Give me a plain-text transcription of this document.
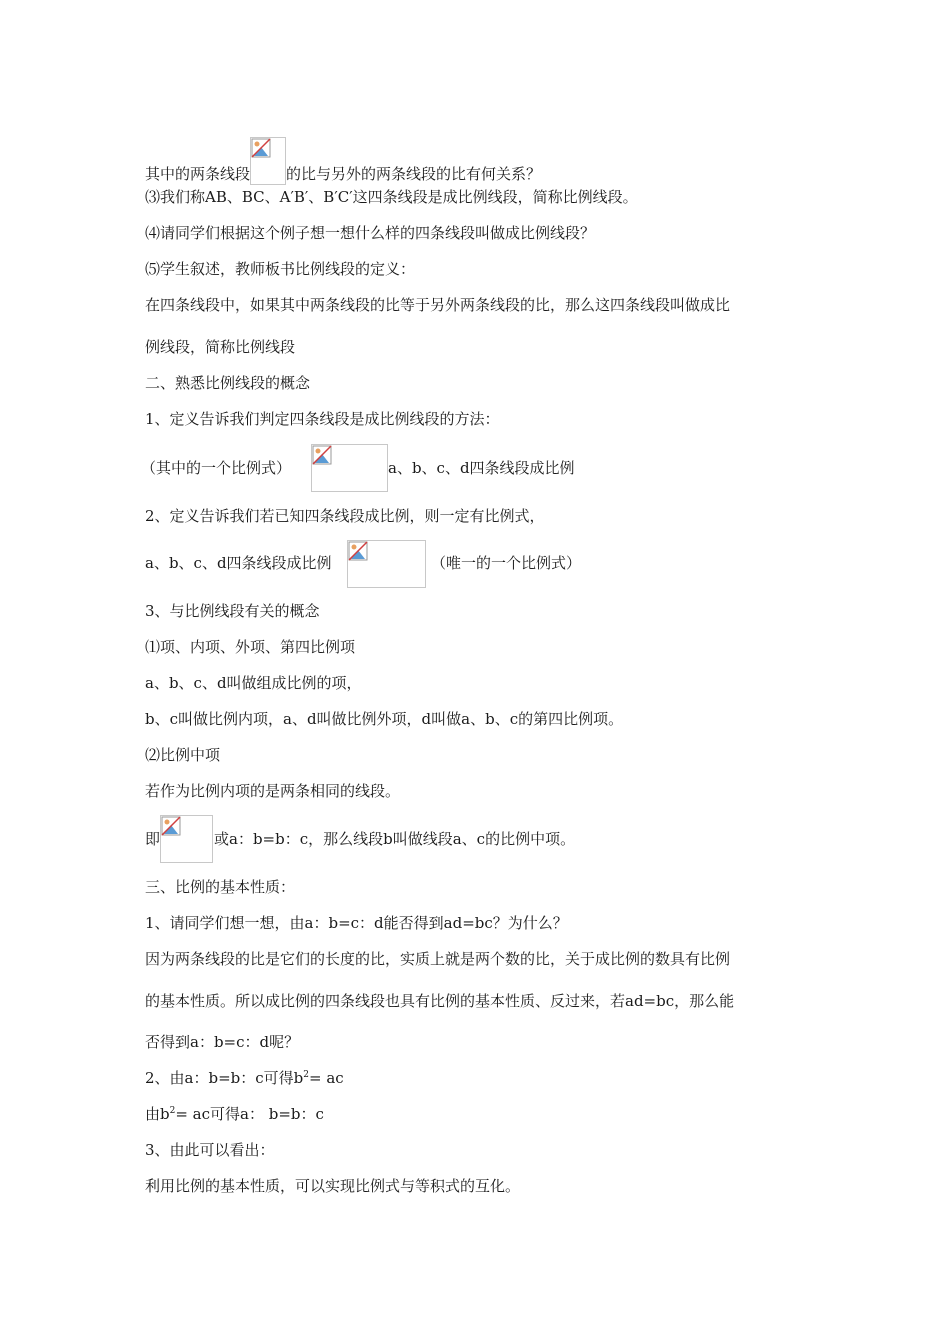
其中的两条线段 的比与另外的两条线段的比有何关系？
⑶我们称AB、BC、A′B′、B′C′这四条线段是成比例线段，简称比例线段。
⑷请同学们根据这个例子想一想什么样的四条线段叫做成比例线段？
⑸学生叙述，教师板书比例线段的定义：
在四条线段中，如果其中两条线段的比等于另外两条线段的比，那么这四条线段叫做成比
例线段，简称比例线段
二、熟悉比例线段的概念
1、定义告诉我们判定四条线段是成比例线段的方法：
（其中的一个比例式）	a、b、c、d四条线段成比例
2、定义告诉我们若已知四条线段成比例，则一定有比例式，
a、b、c、d四条线段成比例	（唯一的一个比例式）
3、与比例线段有关的概念
⑴项、内项、外项、第四比例项
a、b、c、d叫做组成比例的项，
b、c叫做比例内项，a、d叫做比例外项，d叫做a、b、c的第四比例项。
⑵比例中项
若作为比例内项的是两条相同的线段。
即	或a：b=b：c，那么线段b叫做线段a、c的比例中项。
三、比例的基本性质：
1、请同学们想一想，由a：b=c：d能否得到ad=bc？为什么？
因为两条线段的比是它们的长度的比，实质上就是两个数的比，关于成比例的数具有比例
的基本性质。所以成比例的四条线段也具有比例的基本性质、反过来，若ad=bc，那么能
否得到a：b=c：d呢？
2、由a：b=b：c可得$b^2=$ ac
由$b^2=$ ac可得a： b=b：c
3、由此可以看出：
利用比例的基本性质，可以实现比例式与等积式的互化。
